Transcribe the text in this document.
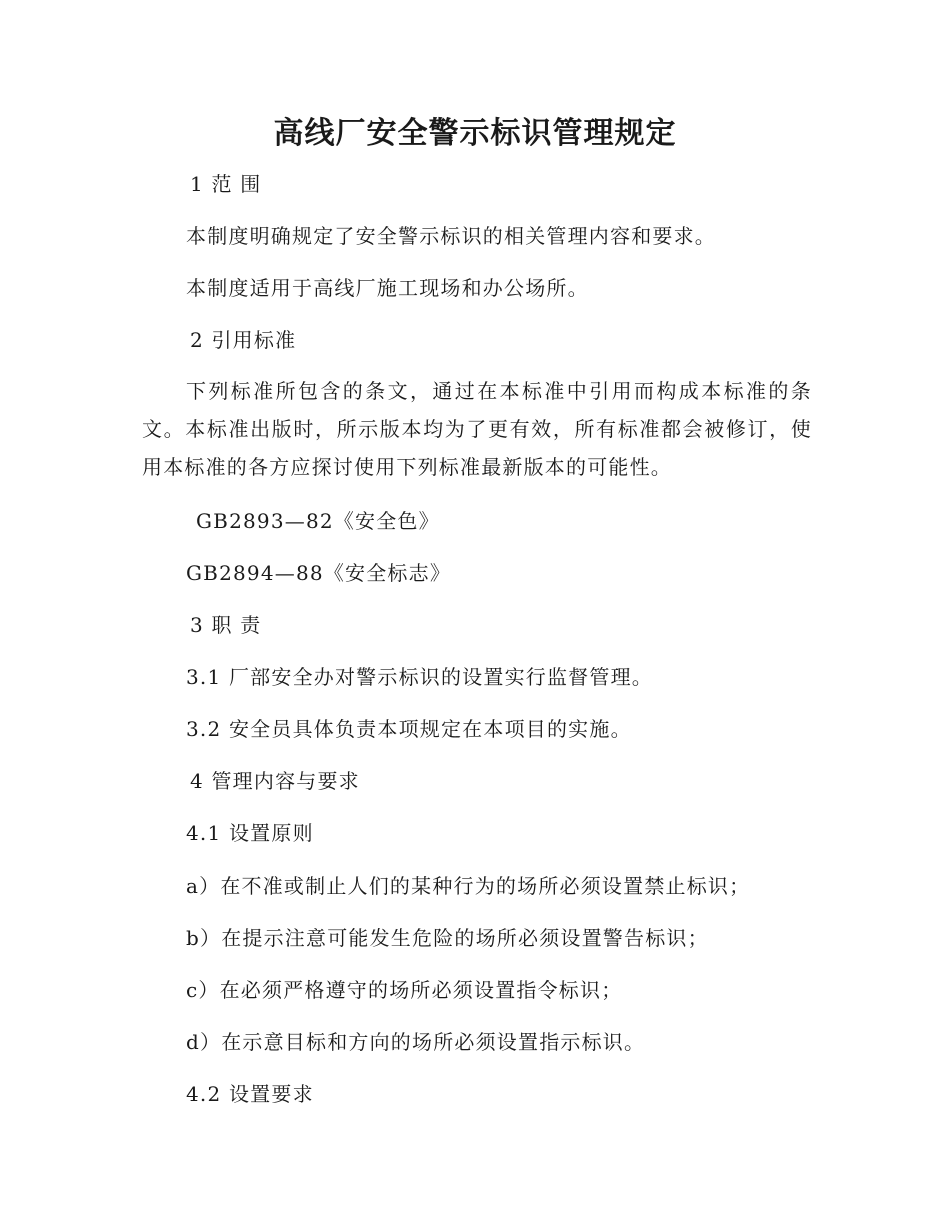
高线厂安全警示标识管理规定
1 范 围
本制度明确规定了安全警示标识的相关管理内容和要求。
本制度适用于高线厂施工现场和办公场所。
2 引用标准
下列标准所包含的条文，通过在本标准中引用而构成本标准的条文。本标准出版时，所示版本均为了更有效，所有标准都会被修订，使用本标准的各方应探讨使用下列标准最新版本的可能性。
GB2893—82《安全色》
GB2894—88《安全标志》
3 职 责
3.1 厂部安全办对警示标识的设置实行监督管理。
3.2 安全员具体负责本项规定在本项目的实施。
4 管理内容与要求
4.1 设置原则
a）在不准或制止人们的某种行为的场所必须设置禁止标识；
b）在提示注意可能发生危险的场所必须设置警告标识；
c）在必须严格遵守的场所必须设置指令标识；
d）在示意目标和方向的场所必须设置指示标识。
4.2 设置要求
